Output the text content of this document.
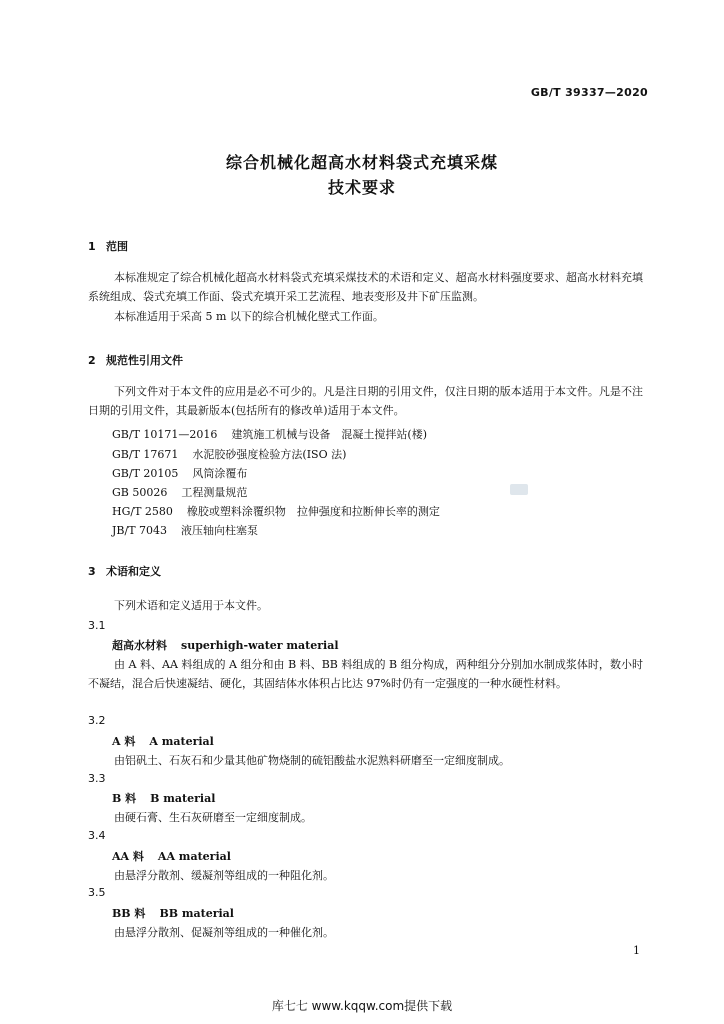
GB/T 39337—2020
综合机械化超高水材料袋式充填采煤
技术要求
1 范围
本标准规定了综合机械化超高水材料袋式充填采煤技术的术语和定义、超高水材料强度要求、超高水材料充填系统组成、袋式充填工作面、袋式充填开采工艺流程、地表变形及井下矿压监测。
本标准适用于采高 5 m 以下的综合机械化壁式工作面。
2 规范性引用文件
下列文件对于本文件的应用是必不可少的。凡是注日期的引用文件，仅注日期的版本适用于本文件。凡是不注日期的引用文件，其最新版本(包括所有的修改单)适用于本文件。
GB/T 10171—2016 建筑施工机械与设备　混凝土搅拌站(楼)
GB/T 17671 水泥胶砂强度检验方法(ISO 法)
GB/T 20105 风筒涂覆布
GB 50026 工程测量规范
HG/T 2580 橡胶或塑料涂覆织物　拉伸强度和拉断伸长率的测定
JB/T 7043 液压轴向柱塞泵
3 术语和定义
下列术语和定义适用于本文件。
3.1
超高水材料 superhigh-water material
由 A 料、AA 料组成的 A 组分和由 B 料、BB 料组成的 B 组分构成，两种组分分别加水制成浆体时，数小时不凝结，混合后快速凝结、硬化，其固结体水体积占比达 97%时仍有一定强度的一种水硬性材料。
3.2
A 料 A material
由铝矾土、石灰石和少量其他矿物烧制的硫铝酸盐水泥熟料研磨至一定细度制成。
3.3
B 料 B material
由硬石膏、生石灰研磨至一定细度制成。
3.4
AA 料 AA material
由悬浮分散剂、缓凝剂等组成的一种阻化剂。
3.5
BB 料 BB material
由悬浮分散剂、促凝剂等组成的一种催化剂。
1
库七七 www.kqqw.com提供下载
